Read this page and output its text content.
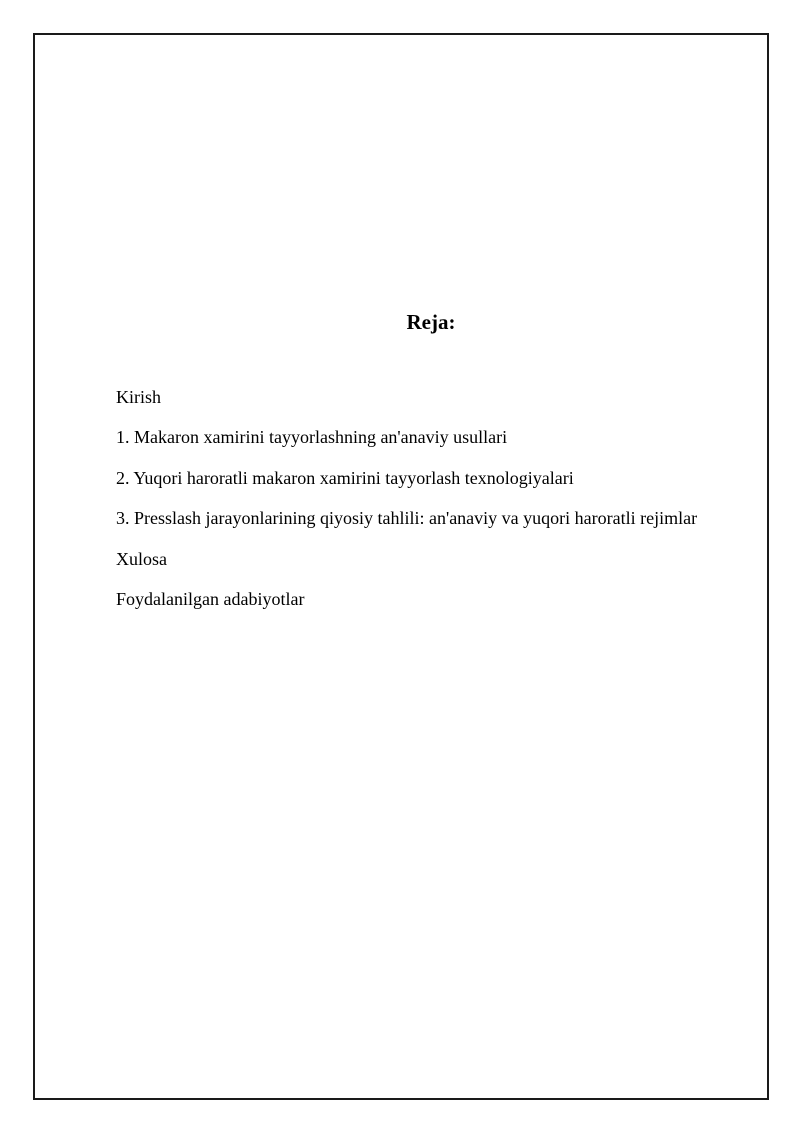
Reja:
Kirish
1. Makaron xamirini tayyorlashning an'anaviy usullari
2. Yuqori haroratli makaron xamirini tayyorlash texnologiyalari
3. Presslash jarayonlarining qiyosiy tahlili: an'anaviy va yuqori haroratli rejimlar
Xulosa
Foydalanilgan adabiyotlar
